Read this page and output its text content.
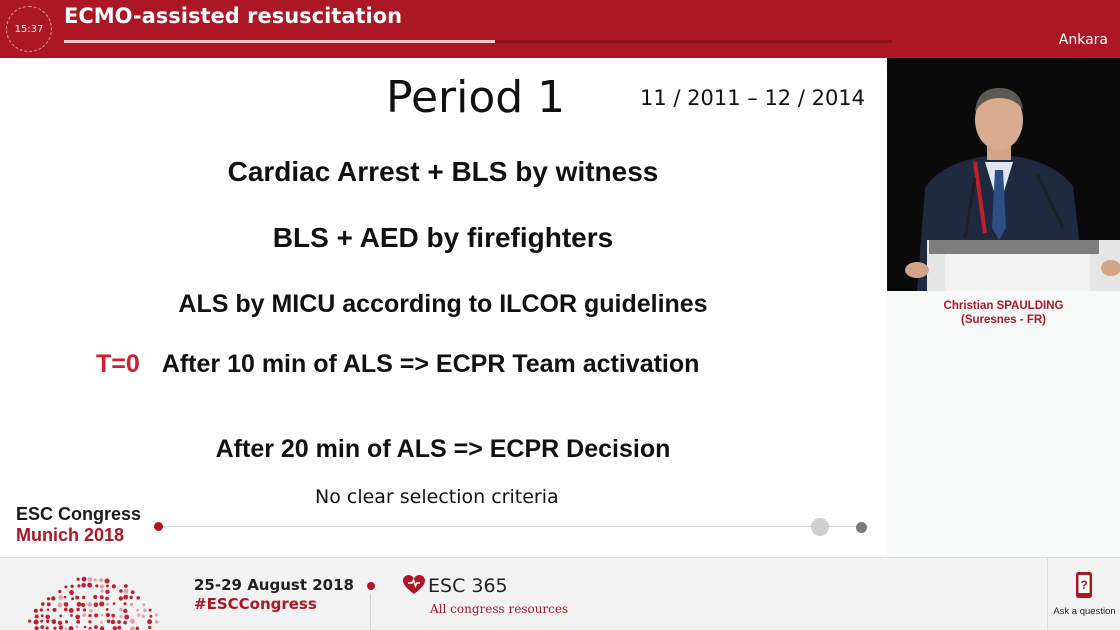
15:37
ECMO-assisted resuscitation
Ankara
Period 1	11 / 2011 – 12 / 2014
Cardiac Arrest + BLS by witness
BLS + AED by firefighters
ALS by MICU according to ILCOR guidelines
T=0 After 10 min of ALS => ECPR Team activation
After 20 min of ALS => ECPR Decision
No clear selection criteria
ESC Congress
Munich 2018
Christian SPAULDING
(Suresnes - FR)
25-29 August 2018
#ESCCongress
ESC 365
All congress resources
?
Ask a question
